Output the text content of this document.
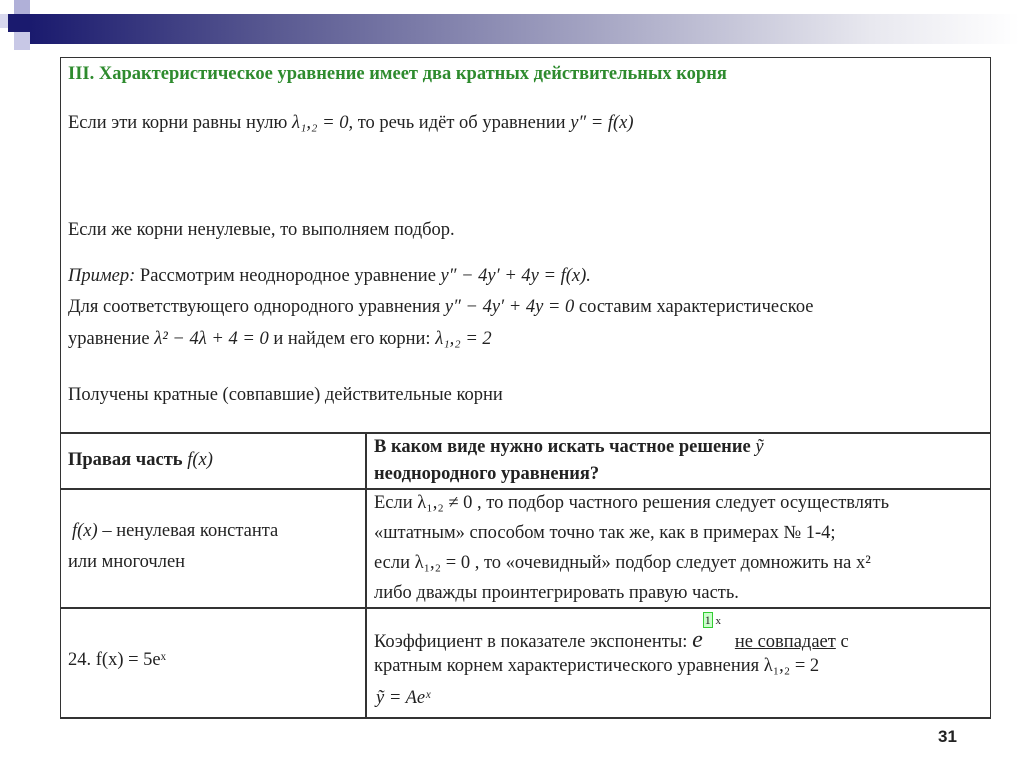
III. Характеристическое уравнение имеет два кратных действительных корня
Если эти корни равны нулю λ₁,₂ = 0, то речь идёт об уравнении y″ = f(x)
Если же корни ненулевые, то выполняем подбор.
Пример: Рассмотрим неоднородное уравнение y″ − 4y′ + 4y = f(x).
Для соответствующего однородного уравнения y″ − 4y′ + 4y = 0 составим характеристическое
уравнение λ² − 4λ + 4 = 0 и найдем его корни: λ₁,₂ = 2
Получены кратные (совпавшие) действительные корни
Правая часть f(x)
В каком виде нужно искать частное решение ỹ
неоднородного уравнения?
f(x) – ненулевая константа
или многочлен
Если λ₁,₂ ≠ 0 , то подбор частного решения следует осуществлять
«штатным» способом точно так же, как в примерах № 1-4;
если λ₁,₂ = 0 , то «очевидный» подбор следует домножить на x²
либо дважды проинтегрировать правую часть.
24. f(x) = 5eˣ
Коэффициент в показателе экспоненты: $e^{1 x}$   не совпадает с
кратным корнем характеристического уравнения λ₁,₂ = 2
ỹ = Aeˣ
31
